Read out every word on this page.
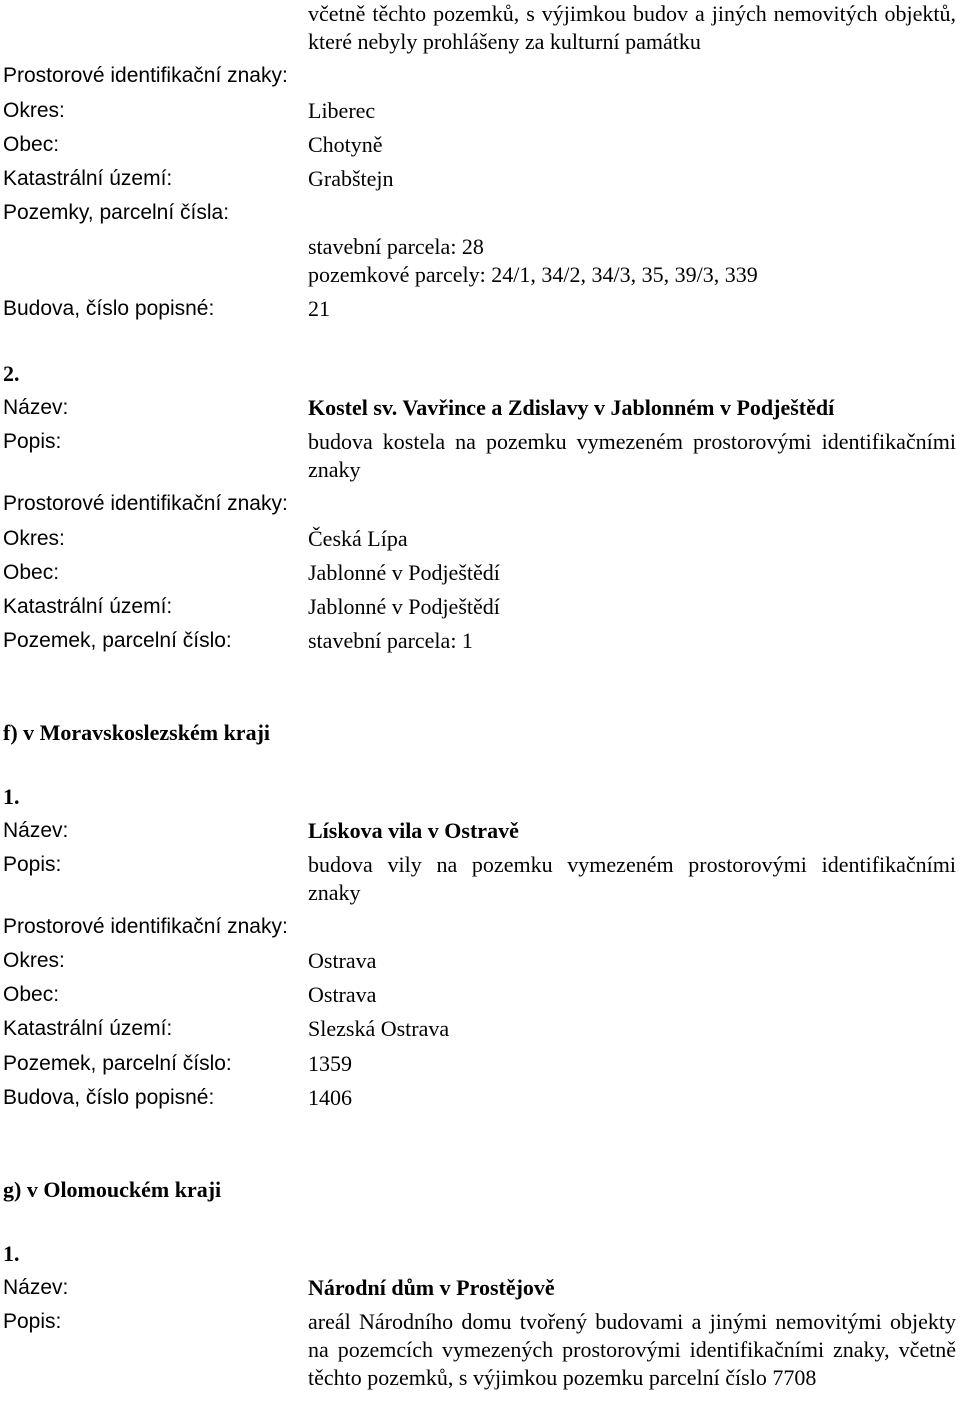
včetně těchto pozemků, s výjimkou budov a jiných nemovitých objektů, které nebyly prohlášeny za kulturní památku
Prostorové identifikační znaky:
Okres:	Liberec
Obec:	Chotyně
Katastrální území:	Grabštejn
Pozemky, parcelní čísla:
stavební parcela: 28
pozemkové parcely: 24/1, 34/2, 34/3, 35, 39/3, 339
Budova, číslo popisné:	21
2.
Název:	Kostel sv. Vavřince a Zdislavy v Jablonném v Podještědí
Popis:	budova kostela na pozemku vymezeném prostorovými identifikačními znaky
Prostorové identifikační znaky:
Okres:	Česká Lípa
Obec:	Jablonné v Podještědí
Katastrální území:	Jablonné v Podještědí
Pozemek, parcelní číslo:	stavební parcela: 1
f) v Moravskoslezském kraji
1.
Název:	Lískova vila v Ostravě
Popis:	budova vily na pozemku vymezeném prostorovými identifikačními znaky
Prostorové identifikační znaky:
Okres:	Ostrava
Obec:	Ostrava
Katastrální území:	Slezská Ostrava
Pozemek, parcelní číslo:	1359
Budova, číslo popisné:	1406
g) v Olomouckém kraji
1.
Název:	Národní dům v Prostějově
Popis:	areál Národního domu tvořený budovami a jinými nemovitými objekty na pozemcích vymezených prostorovými identifikačními znaky, včetně těchto pozemků, s výjimkou pozemku parcelní číslo 7708
